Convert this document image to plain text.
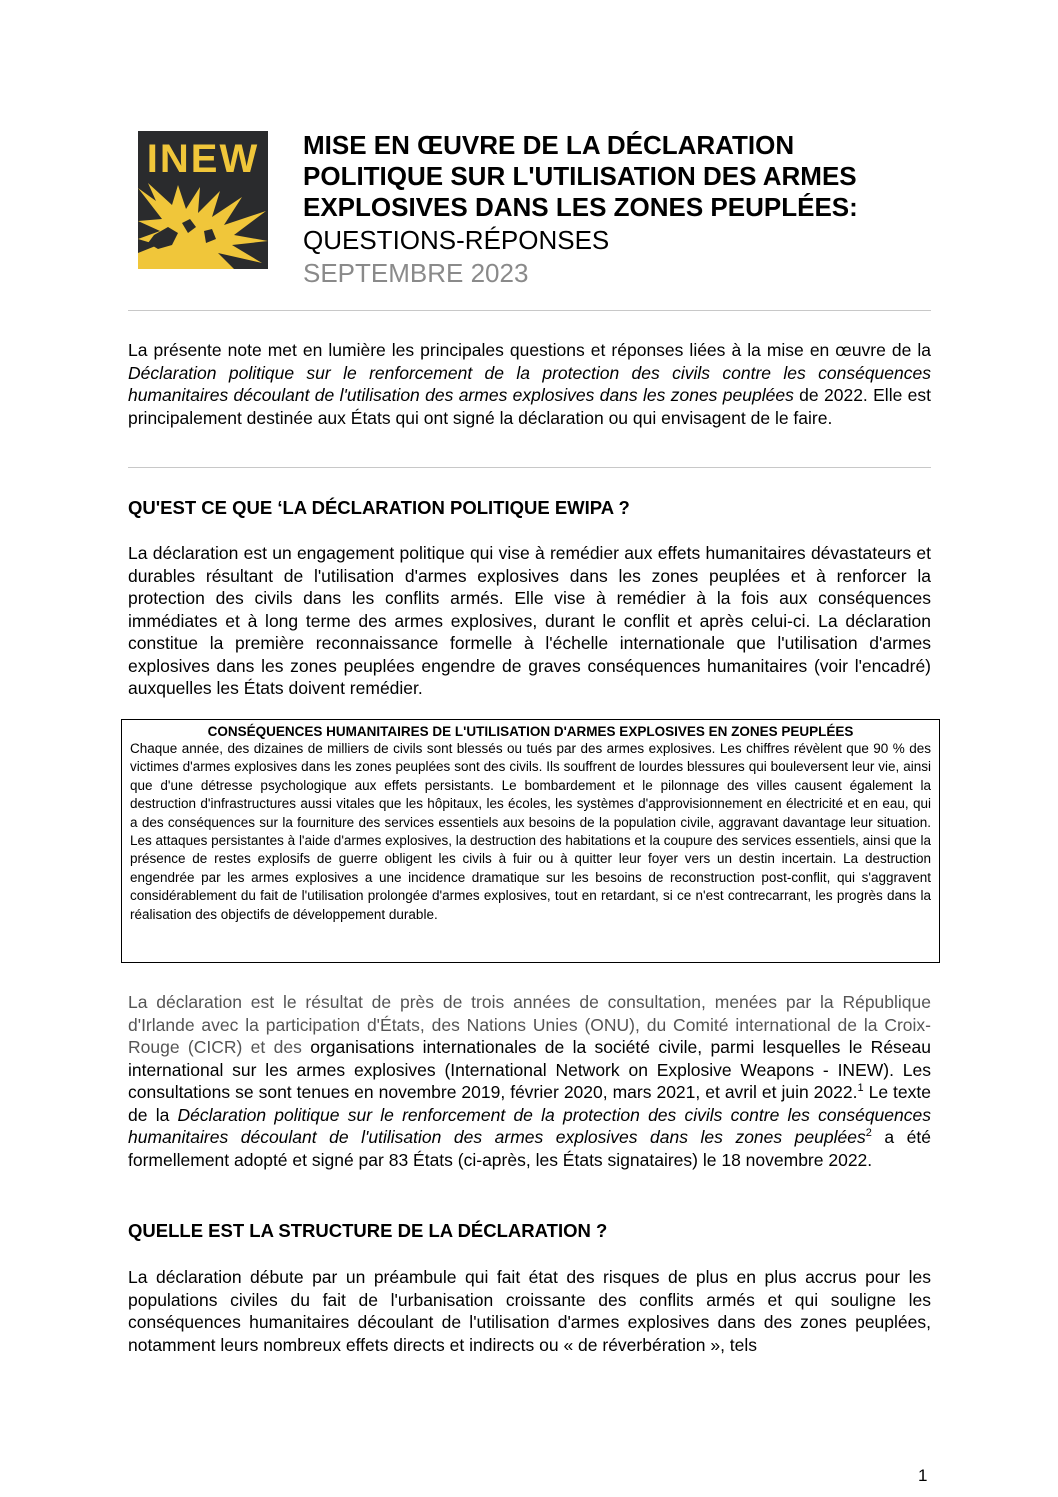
INEW	MISE EN ŒUVRE DE LA DÉCLARATION

POLITIQUE SUR L'UTILISATION DES ARMES

EXPLOSIVES DANS LES ZONES PEUPLÉES:

QUESTIONS-RÉPONSES

SEPTEMBRE 2023

La présente note met en lumière les principales questions et réponses liées à la mise en œuvre de la Déclaration politique sur le renforcement de la protection des civils contre les conséquences humanitaires découlant de l'utilisation des armes explosives dans les zones peuplées de 2022. Elle est principalement destinée aux États qui ont signé la déclaration ou qui envisagent de le faire.

QU'EST CE QUE ‘LA DÉCLARATION POLITIQUE EWIPA ?

La déclaration est un engagement politique qui vise à remédier aux effets humanitaires dévastateurs et durables résultant de l'utilisation d'armes explosives dans les zones peuplées et à renforcer la protection des civils dans les conflits armés. Elle vise à remédier à la fois aux conséquences immédiates et à long terme des armes explosives, durant le conflit et après celui-ci. La déclaration constitue la première reconnaissance formelle à l'échelle internationale que l'utilisation d'armes explosives dans les zones peuplées engendre de graves conséquences humanitaires (voir l'encadré) auxquelles les États doivent remédier.

CONSÉQUENCES HUMANITAIRES DE L'UTILISATION D'ARMES EXPLOSIVES EN ZONES PEUPLÉES

Chaque année, des dizaines de milliers de civils sont blessés ou tués par des armes explosives. Les chiffres révèlent que 90 % des victimes d'armes explosives dans les zones peuplées sont des civils. Ils souffrent de lourdes blessures qui bouleversent leur vie, ainsi que d'une détresse psychologique aux effets persistants. Le bombardement et le pilonnage des villes causent également la destruction d'infrastructures aussi vitales que les hôpitaux, les écoles, les systèmes d'approvisionnement en électricité et en eau, qui a des conséquences sur la fourniture des services essentiels aux besoins de la population civile, aggravant davantage leur situation. Les attaques persistantes à l'aide d'armes explosives, la destruction des habitations et la coupure des services essentiels, ainsi que la présence de restes explosifs de guerre obligent les civils à fuir ou à quitter leur foyer vers un destin incertain. La destruction engendrée par les armes explosives a une incidence dramatique sur les besoins de reconstruction post-conflit, qui s'aggravent considérablement du fait de l'utilisation prolongée d'armes explosives, tout en retardant, si ce n'est contrecarrant, les progrès dans la réalisation des objectifs de développement durable.

La déclaration est le résultat de près de trois années de consultation, menées par la République d'Irlande avec la participation d'États, des Nations Unies (ONU), du Comité international de la Croix-Rouge (CICR) et des organisations internationales de la société civile, parmi lesquelles le Réseau international sur les armes explosives (International Network on Explosive Weapons - INEW). Les consultations se sont tenues en novembre 2019, février 2020, mars 2021, et avril et juin 2022.$^1$ Le texte de la Déclaration politique sur le renforcement de la protection des civils contre les conséquences humanitaires découlant de l'utilisation des armes explosives dans les zones peuplées$^2$ a été formellement adopté et signé par 83 États (ci-après, les États signataires) le 18 novembre 2022.

QUELLE EST LA STRUCTURE DE LA DÉCLARATION ?

La déclaration débute par un préambule qui fait état des risques de plus en plus accrus pour les populations civiles du fait de l'urbanisation croissante des conflits armés et qui souligne les conséquences humanitaires découlant de l'utilisation d'armes explosives dans des zones peuplées, notamment leurs nombreux effets directs et indirects ou « de réverbération », tels

1
